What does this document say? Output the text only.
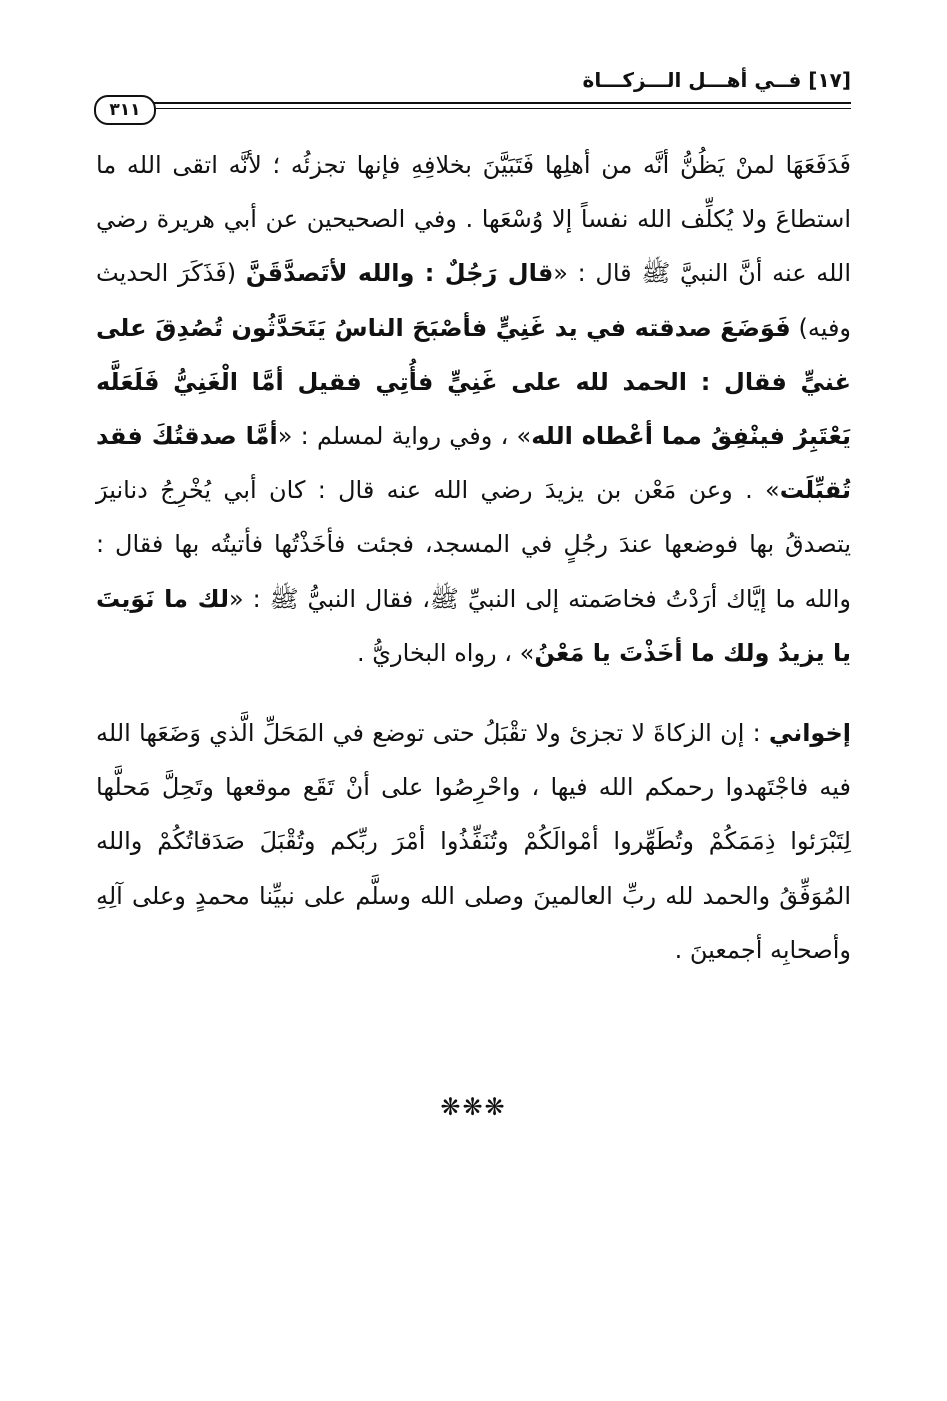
[١٧] فــي أهـــل الـــزكـــاة
٣١١

فَدَفَعَهَا لمنْ يَظُنُّ أنَّه من أهلِها فَتَبَيَّنَ بخلافِهِ فإنها تجزئُه ؛ لأنَّه اتقى الله ما استطاعَ ولا يُكلِّف الله نفساً إلا وُسْعَها . وفي الصحيحين عن أبي هريرة رضي الله عنه أنَّ النبيَّ ﷺ قال : «قال رَجُلٌ : والله لأتَصدَّقَنَّ (فَذَكَرَ الحديث وفيه) فَوَضَعَ صدقته في يد غَنِيٍّ فأصْبَحَ الناسُ يَتَحَدَّثُون تُصُدِقَ على غنيٍّ فقال : الحمد لله على غَنِيٍّ فأُتِي فقيل أمَّا الْغَنِيُّ فَلَعَلَّه يَعْتَبِرُ فينْفِقُ مما أعْطاه الله» ، وفي رواية لمسلم : «أمَّا صدقتُكَ فقد تُقبِّلَت» . وعن مَعْن بن يزيدَ رضي الله عنه قال : كان أبي يُخْرِجُ دنانيرَ يتصدقُ بها فوضعها عندَ رجُلٍ في المسجد، فجئت فأخَذْتُها فأتيتُه بها فقال : والله ما إيَّاك أرَدْتُ فخاصَمته إلى النبيِّ ﷺ، فقال النبيُّ ﷺ : «لك ما نَوَيتَ يا يزيدُ ولك ما أخَذْتَ يا مَعْنُ» ، رواه البخاريُّ .

إخواني : إن الزكاةَ لا تجزئ ولا تقْبَلُ حتى توضع في المَحَلِّ الَّذي وَضَعَها الله فيه فاجْتَهدوا رحمكم الله فيها ، واحْرِصُوا على أنْ تَقَع موقعها وتَحِلَّ مَحلَّها لِتَبْرَئوا ذِمَمَكُمْ وتُطَهِّروا أمْوالَكُمْ وتُنَفِّذُوا أمْرَ ربِّكم وتُقْبَلَ صَدَقاتُكُمْ والله المُوَفِّقُ والحمد لله ربِّ العالمينَ وصلى الله وسلَّم على نبيِّنا محمدٍ وعلى آلِهِ وأصحابِه أجمعينَ .

❋❋❋
